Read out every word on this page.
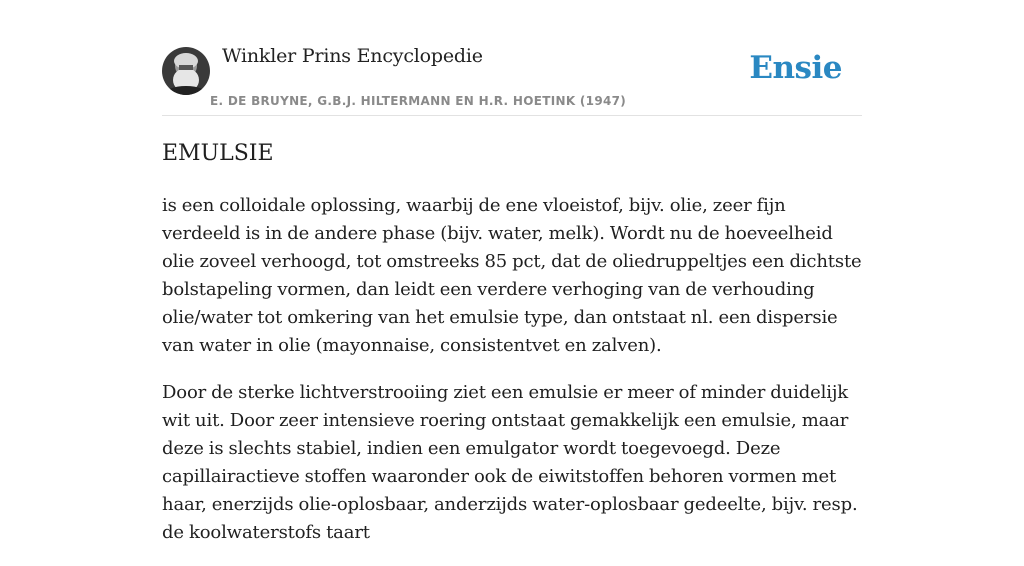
Winkler Prins Encyclopedie
E. DE BRUYNE, G.B.J. HILTERMANN EN H.R. HOETINK (1947)
Ensie
EMULSIE

is een colloidale oplossing, waarbij de ene vloeistof, bijv. olie, zeer fijn verdeeld is in de andere phase (bijv. water, melk). Wordt nu de hoeveelheid olie zoveel verhoogd, tot omstreeks 85 pct, dat de oliedruppeltjes een dichtste bolstapeling vormen, dan leidt een verdere verhoging van de verhouding olie/water tot omkering van het emulsie type, dan ontstaat nl. een dispersie van water in olie (mayonnaise, consistentvet en zalven).

Door de sterke lichtverstrooiing ziet een emulsie er meer of minder duidelijk wit uit. Door zeer intensieve roering ontstaat gemakkelijk een emulsie, maar deze is slechts stabiel, indien een emulgator wordt toegevoegd. Deze capillairactieve stoffen waaronder ook de eiwitstoffen behoren vormen met haar, enerzijds olie-oplosbaar, anderzijds water-oplosbaar gedeelte, bijv. resp. de koolwaterstofs taart
